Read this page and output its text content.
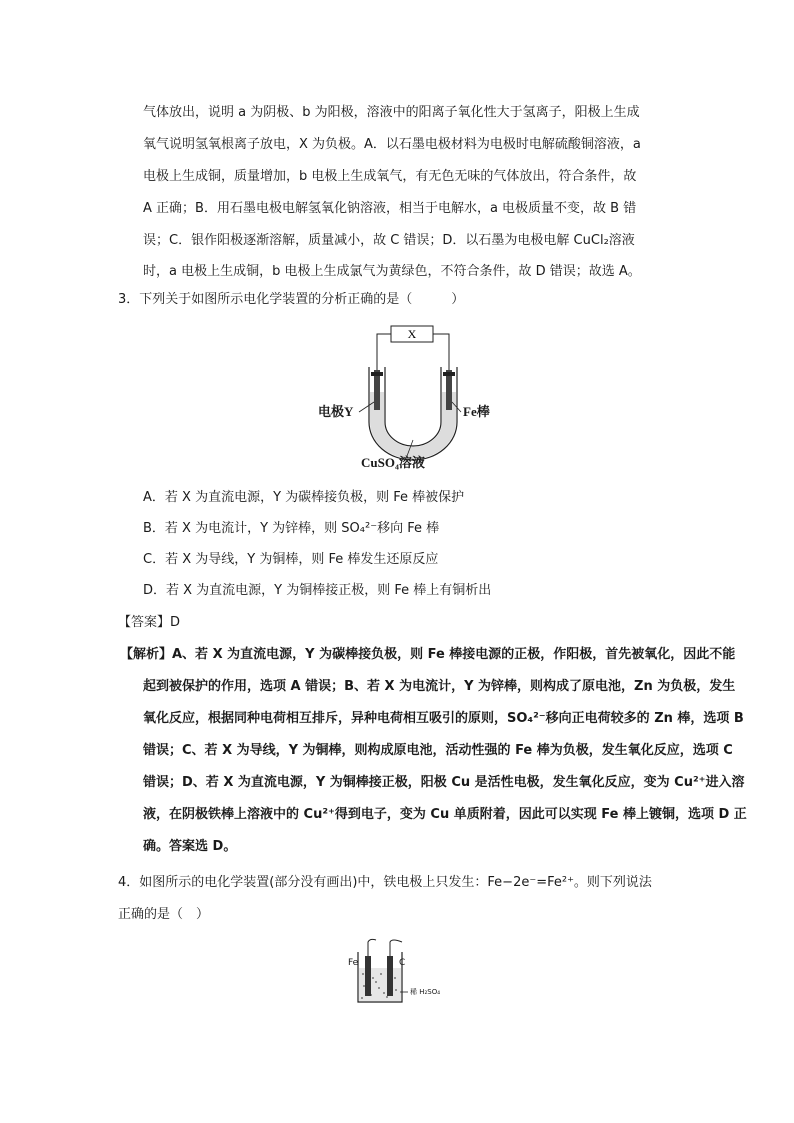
气体放出，说明 a 为阴极、b 为阳极，溶液中的阳离子氧化性大于氢离子，阳极上生成
氧气说明氢氧根离子放电，X 为负极。A．以石墨电极材料为电极时电解硫酸铜溶液，a
电极上生成铜，质量增加，b 电极上生成氧气，有无色无味的气体放出，符合条件，故
A 正确；B．用石墨电极电解氢氧化钠溶液，相当于电解水，a 电极质量不变，故 B 错
误；C．银作阳极逐渐溶解，质量减小，故 C 错误；D．以石墨为电极电解 CuCl₂溶液
时，a 电极上生成铜，b 电极上生成氯气为黄绿色，不符合条件，故 D 错误；故选 A。
3．下列关于如图所示电化学装置的分析正确的是（　　　）
X
电极Y	Fe棒
CuSO₄溶液
A．若 X 为直流电源，Y 为碳棒接负极，则 Fe 棒被保护
B．若 X 为电流计，Y 为锌棒，则 SO₄²⁻移向 Fe 棒
C．若 X 为导线，Y 为铜棒，则 Fe 棒发生还原反应
D．若 X 为直流电源，Y 为铜棒接正极，则 Fe 棒上有铜析出
【答案】D
【解析】A、若 X 为直流电源，Y 为碳棒接负极，则 Fe 棒接电源的正极，作阳极，首先被氧化，因此不能
起到被保护的作用，选项 A 错误；B、若 X 为电流计，Y 为锌棒，则构成了原电池，Zn 为负极，发生
氧化反应，根据同种电荷相互排斥，异种电荷相互吸引的原则，SO₄²⁻移向正电荷较多的 Zn 棒，选项 B
错误；C、若 X 为导线，Y 为铜棒，则构成原电池，活动性强的 Fe 棒为负极，发生氧化反应，选项 C
错误；D、若 X 为直流电源，Y 为铜棒接正极，阳极 Cu 是活性电极，发生氧化反应，变为 Cu²⁺进入溶
液，在阴极铁棒上溶液中的 Cu²⁺得到电子，变为 Cu 单质附着，因此可以实现 Fe 棒上镀铜，选项 D 正
确。答案选 D。
4．如图所示的电化学装置(部分没有画出)中，铁电极上只发生：Fe−2e⁻=Fe²⁺。则下列说法
正确的是（　）
Fe	C
稀 H₂SO₄
